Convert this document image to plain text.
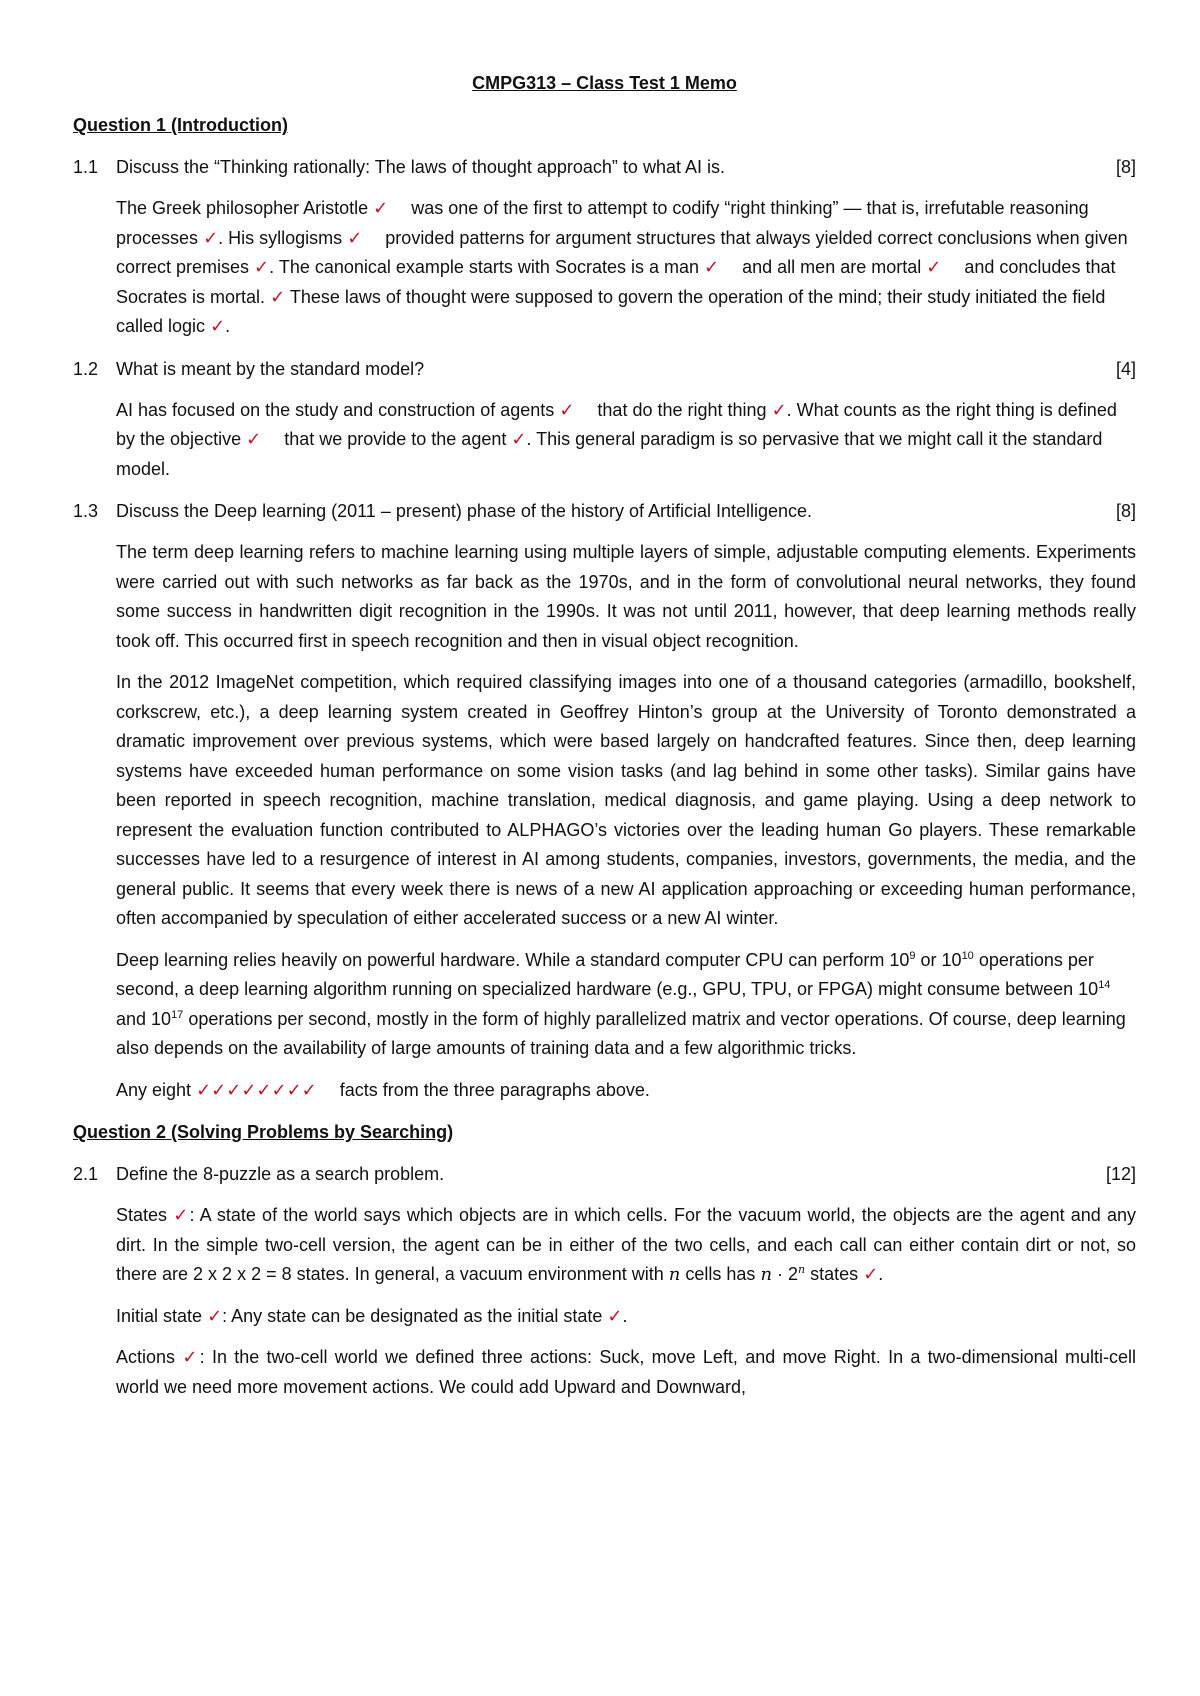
CMPG313 – Class Test 1 Memo
Question 1 (Introduction)
1.1 Discuss the “Thinking rationally: The laws of thought approach” to what AI is.	[8]
The Greek philosopher Aristotle ✓ was one of the first to attempt to codify “right thinking” — that is, irrefutable reasoning processes ✓. His syllogisms ✓ provided patterns for argument structures that always yielded correct conclusions when given correct premises ✓. The canonical example starts with Socrates is a man ✓ and all men are mortal ✓ and concludes that Socrates is mortal. ✓ These laws of thought were supposed to govern the operation of the mind; their study initiated the field called logic ✓.
1.2 What is meant by the standard model?	[4]
AI has focused on the study and construction of agents ✓ that do the right thing ✓. What counts as the right thing is defined by the objective ✓ that we provide to the agent ✓. This general paradigm is so pervasive that we might call it the standard model.
1.3 Discuss the Deep learning (2011 – present) phase of the history of Artificial Intelligence.	[8]
The term deep learning refers to machine learning using multiple layers of simple, adjustable computing elements. Experiments were carried out with such networks as far back as the 1970s, and in the form of convolutional neural networks, they found some success in handwritten digit recognition in the 1990s. It was not until 2011, however, that deep learning methods really took off. This occurred first in speech recognition and then in visual object recognition.
In the 2012 ImageNet competition, which required classifying images into one of a thousand categories (armadillo, bookshelf, corkscrew, etc.), a deep learning system created in Geoffrey Hinton’s group at the University of Toronto demonstrated a dramatic improvement over previous systems, which were based largely on handcrafted features. Since then, deep learning systems have exceeded human performance on some vision tasks (and lag behind in some other tasks). Similar gains have been reported in speech recognition, machine translation, medical diagnosis, and game playing. Using a deep network to represent the evaluation function contributed to ALPHAGO’s victories over the leading human Go players. These remarkable successes have led to a resurgence of interest in AI among students, companies, investors, governments, the media, and the general public. It seems that every week there is news of a new AI application approaching or exceeding human performance, often accompanied by speculation of either accelerated success or a new AI winter.
Deep learning relies heavily on powerful hardware. While a standard computer CPU can perform $10^9$ or $10^{10}$ operations per second, a deep learning algorithm running on specialized hardware (e.g., GPU, TPU, or FPGA) might consume between $10^{14}$ and $10^{17}$ operations per second, mostly in the form of highly parallelized matrix and vector operations. Of course, deep learning also depends on the availability of large amounts of training data and a few algorithmic tricks.
Any eight ✓✓✓✓✓✓✓✓ facts from the three paragraphs above.
Question 2 (Solving Problems by Searching)
2.1 Define the 8-puzzle as a search problem.	[12]
States ✓: A state of the world says which objects are in which cells. For the vacuum world, the objects are the agent and any dirt. In the simple two-cell version, the agent can be in either of the two cells, and each call can either contain dirt or not, so there are 2 x 2 x 2 = 8 states. In general, a vacuum environment with n cells has $n \cdot 2^n$ states ✓.
Initial state ✓: Any state can be designated as the initial state ✓.
Actions ✓: In the two-cell world we defined three actions: Suck, move Left, and move Right. In a two-dimensional multi-cell world we need more movement actions. We could add Upward and Downward,
